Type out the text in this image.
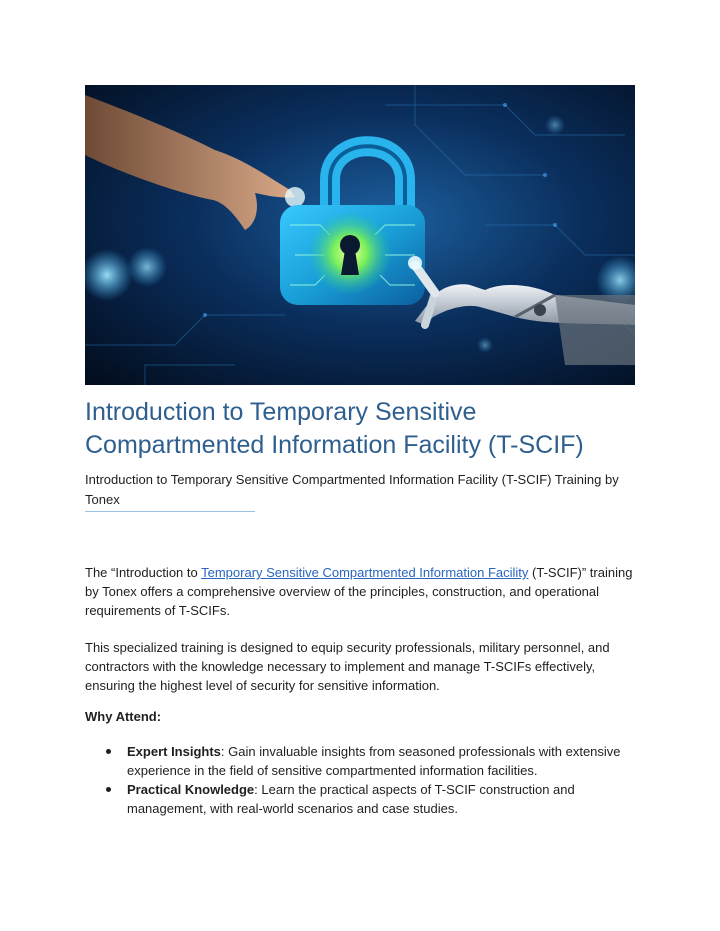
Introduction to Temporary Sensitive Compartmented Information Facility (T-SCIF)

Introduction to Temporary Sensitive Compartmented Information Facility (T-SCIF) Training by Tonex

The “Introduction to Temporary Sensitive Compartmented Information Facility (T-SCIF)” training by Tonex offers a comprehensive overview of the principles, construction, and operational requirements of T-SCIFs.

This specialized training is designed to equip security professionals, military personnel, and contractors with the knowledge necessary to implement and manage T-SCIFs effectively, ensuring the highest level of security for sensitive information.

Why Attend:

Expert Insights: Gain invaluable insights from seasoned professionals with extensive experience in the field of sensitive compartmented information facilities.
Practical Knowledge: Learn the practical aspects of T-SCIF construction and management, with real-world scenarios and case studies.
